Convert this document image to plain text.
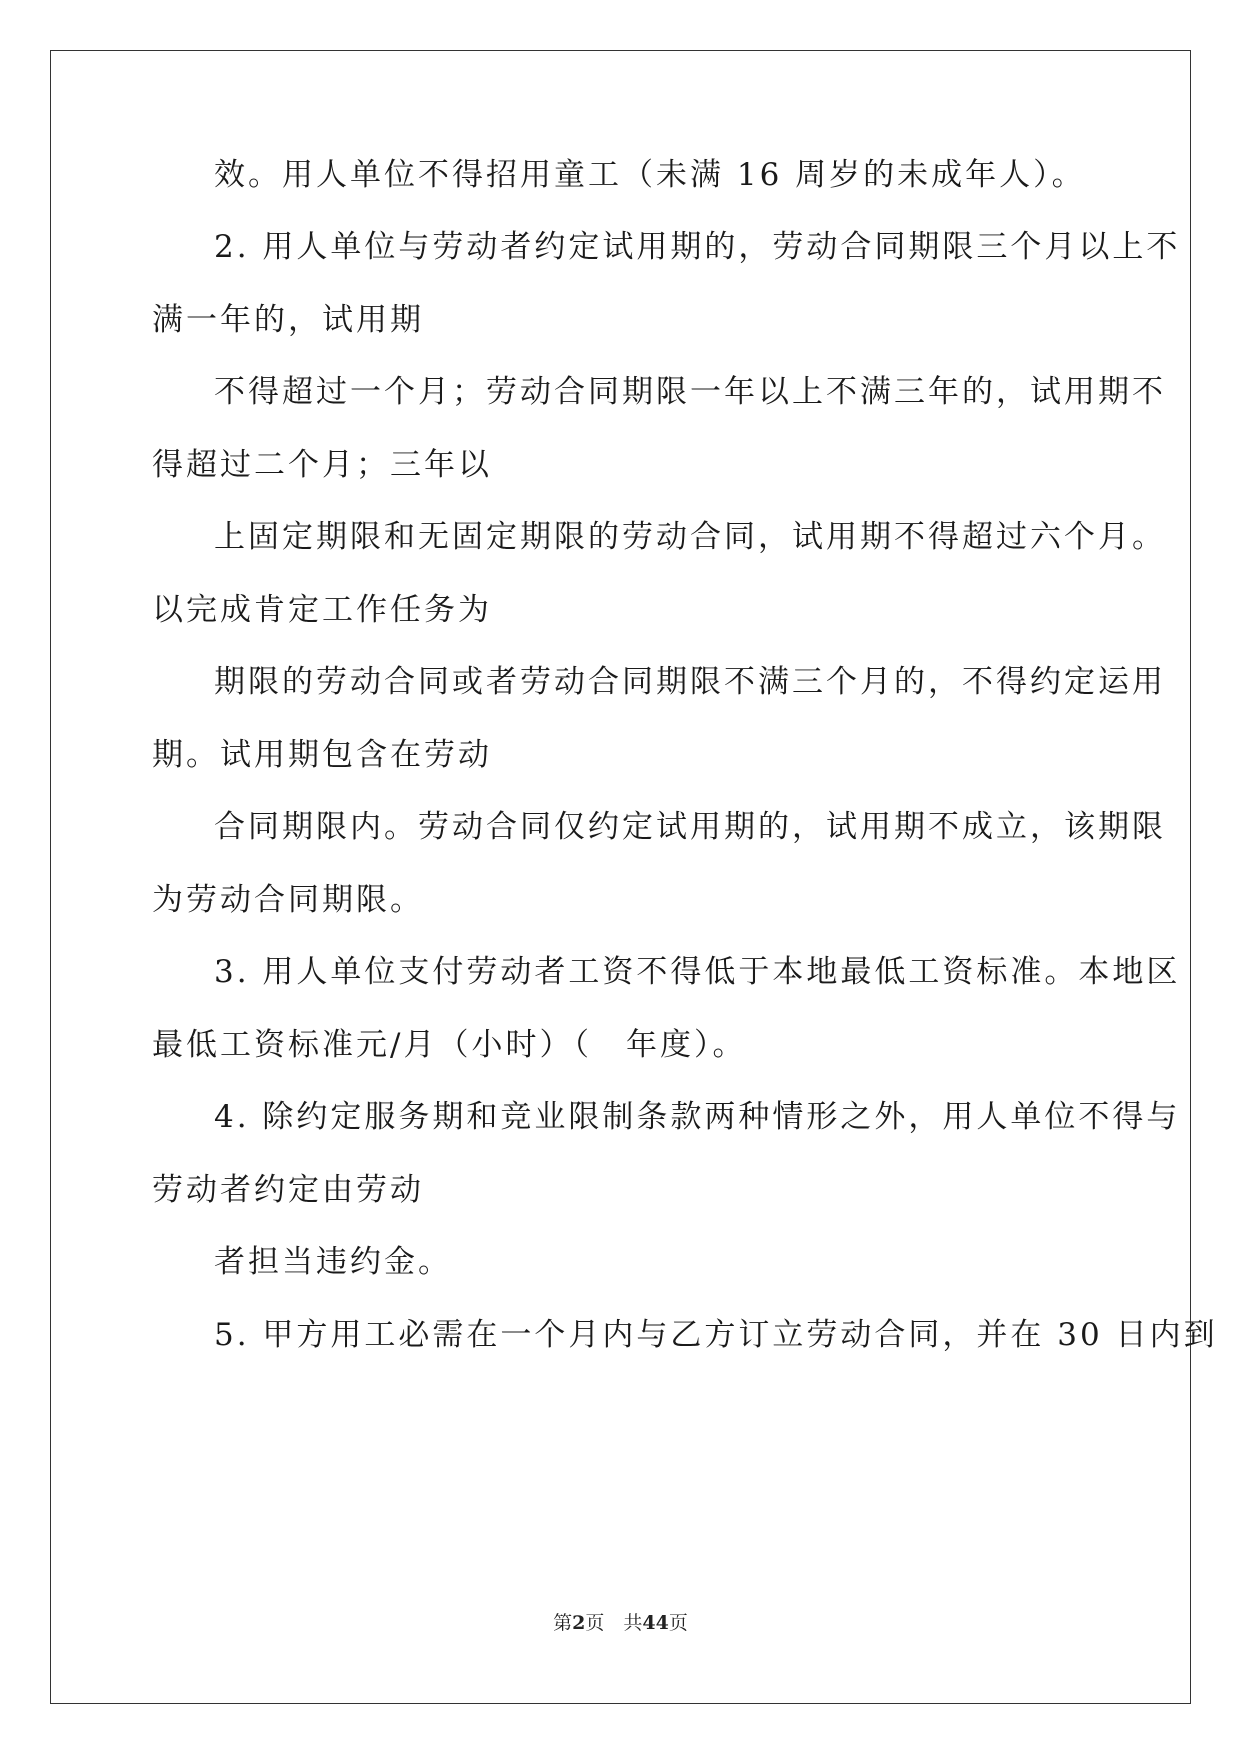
效。用人单位不得招用童工（未满 16 周岁的未成年人）。
2. 用人单位与劳动者约定试用期的，劳动合同期限三个月以上不
满一年的，试用期
不得超过一个月；劳动合同期限一年以上不满三年的，试用期不
得超过二个月；三年以
上固定期限和无固定期限的劳动合同，试用期不得超过六个月。
以完成肯定工作任务为
期限的劳动合同或者劳动合同期限不满三个月的，不得约定运用
期。试用期包含在劳动
合同期限内。劳动合同仅约定试用期的，试用期不成立，该期限
为劳动合同期限。
3. 用人单位支付劳动者工资不得低于本地最低工资标准。本地区
最低工资标准元/月（小时）（　年度）。
4. 除约定服务期和竞业限制条款两种情形之外，用人单位不得与
劳动者约定由劳动
者担当违约金。
5. 甲方用工必需在一个月内与乙方订立劳动合同，并在 30 日内到
第2页　 共44页
